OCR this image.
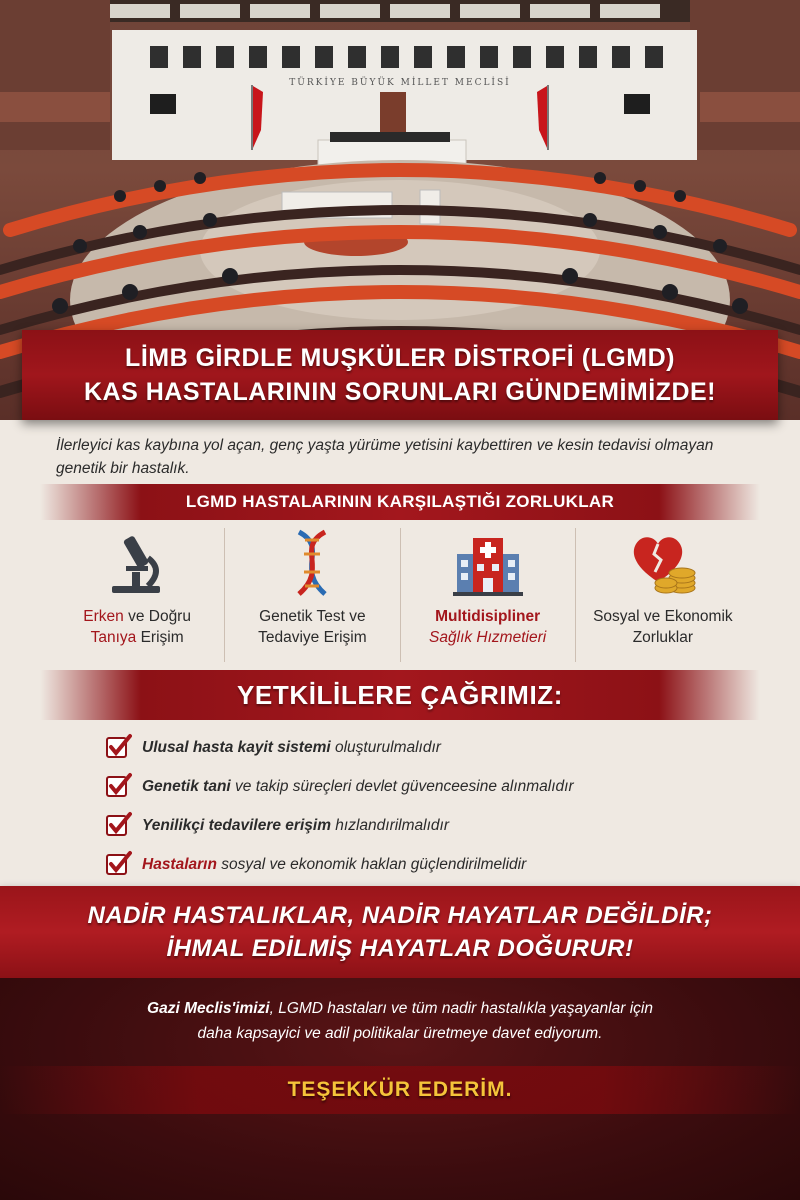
TÜRKİYE BÜYÜK MİLLET MECLİSİ
LİMB GİRDLE MUŞKÜLER DİSTROFİ (LGMD)
KAS HASTALARININ SORUNLARI GÜNDEMİMİZDE!
İlerleyici kas kaybına yol açan, genç yaşta yürüme yetisini kaybettiren ve kesin tedavisi olmayan genetik bir hastalık.
LGMD HASTALARININ KARŞILAŞTIĞI ZORLUKLAR
Erken ve Doğru
Tanıya Erişim
Genetik Test ve
Tedaviye Erişim
Multidisipliner
Sağlık Hızmetieri
Sosyal ve Ekonomik
Zorluklar
YETKİLİLERE ÇAĞRIMIZ:
Ulusal hasta kayit sistemi oluşturulmalıdır
Genetik tani ve takip süreçleri devlet güvenceesine alınmalıdır
Yenilikçi tedavilere erişim hızlandırilmalıdır
Hastaların sosyal ve ekonomik haklan güçlendirilmelidir
NADİR HASTALIKLAR, NADİR HAYATLAR DEĞİLDİR;
İHMAL EDİLMİŞ HAYATLAR DOĞURUR!
Gazi Meclis'imizi, LGMD hastaları ve tüm nadir hastalıkla yaşayanlar için
daha kapsayici ve adil politikalar üretmeye davet ediyorum.
TEŞEKKÜR EDERİM.
